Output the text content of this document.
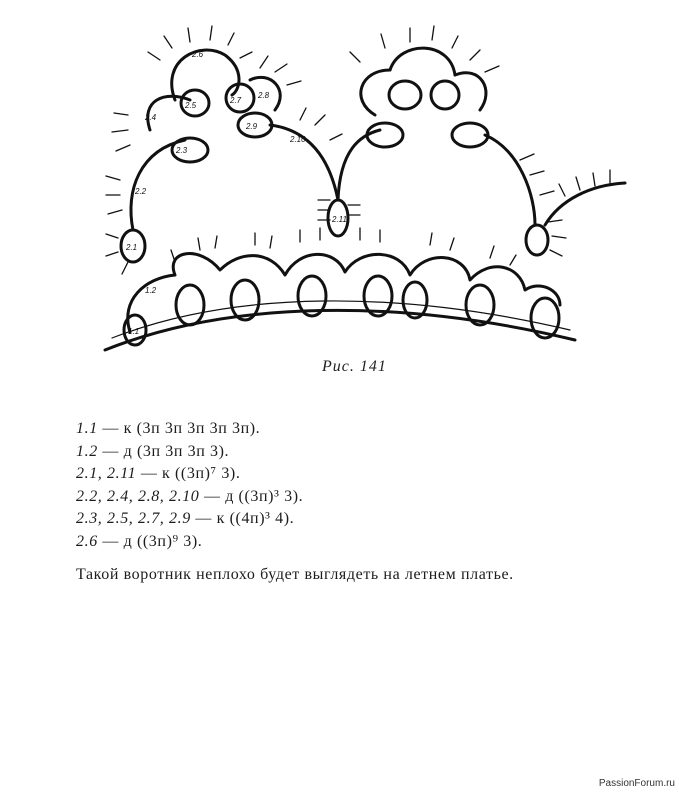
2.6
2.5
2.7
2.8
2.4
2.9
2.3
2.10
2.2
2.1
2.11
1.2
1.1
Рис. 141
1.1 — к (3п 3п 3п 3п 3п).
1.2 — д (3п 3п 3п 3).
2.1, 2.11 — к ((3п)⁷ 3).
2.2, 2.4, 2.8, 2.10 — д ((3п)³ 3).
2.3, 2.5, 2.7, 2.9 — к ((4п)³ 4).
2.6 — д ((3п)⁹ 3).
Такой воротник неплохо будет выглядеть на летнем платье.
PassionForum.ru
